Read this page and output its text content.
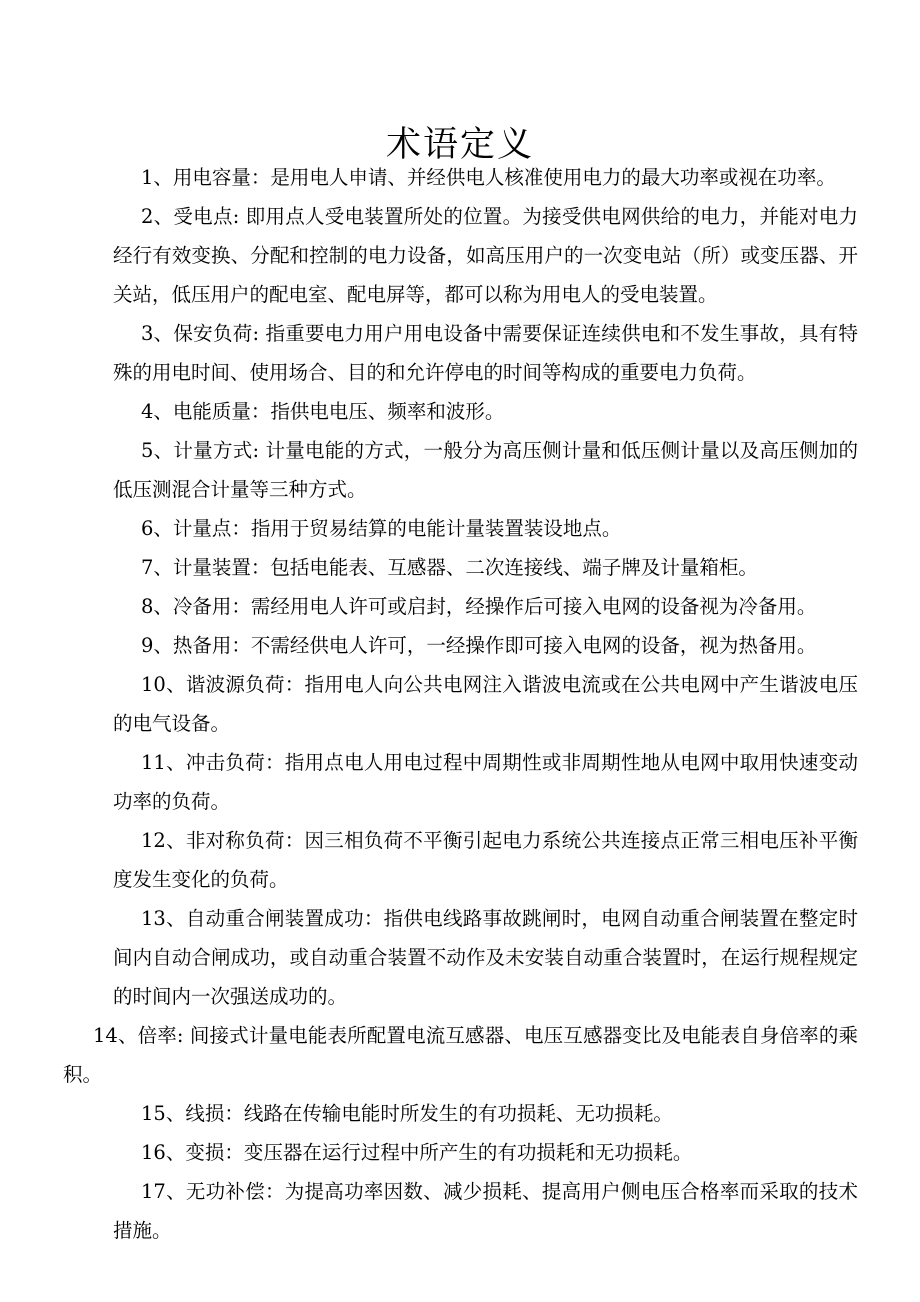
术语定义

1、用电容量：是用电人申请、并经供电人核准使用电力的最大功率或视在功率。

2、受电点: 即用点人受电装置所处的位置。为接受供电网供给的电力，并能对电力经行有效变换、分配和控制的电力设备，如高压用户的一次变电站（所）或变压器、开关站，低压用户的配电室、配电屏等，都可以称为用电人的受电装置。

3、保安负荷: 指重要电力用户用电设备中需要保证连续供电和不发生事故，具有特殊的用电时间、使用场合、目的和允许停电的时间等构成的重要电力负荷。

4、电能质量：指供电电压、频率和波形。

5、计量方式: 计量电能的方式，一般分为高压侧计量和低压侧计量以及高压侧加的低压测混合计量等三种方式。

6、计量点：指用于贸易结算的电能计量装置装设地点。

7、计量装置：包括电能表、互感器、二次连接线、端子牌及计量箱柜。

8、冷备用：需经用电人许可或启封，经操作后可接入电网的设备视为冷备用。

9、热备用：不需经供电人许可，一经操作即可接入电网的设备，视为热备用。

10、谐波源负荷：指用电人向公共电网注入谐波电流或在公共电网中产生谐波电压的电气设备。

11、冲击负荷：指用点电人用电过程中周期性或非周期性地从电网中取用快速变动功率的负荷。

12、非对称负荷：因三相负荷不平衡引起电力系统公共连接点正常三相电压补平衡度发生变化的负荷。

13、自动重合闸装置成功：指供电线路事故跳闸时，电网自动重合闸装置在整定时间内自动合闸成功，或自动重合装置不动作及未安装自动重合装置时，在运行规程规定的时间内一次强送成功的。

14、倍率: 间接式计量电能表所配置电流互感器、电压互感器变比及电能表自身倍率的乘积。

15、线损：线路在传输电能时所发生的有功损耗、无功损耗。

16、变损：变压器在运行过程中所产生的有功损耗和无功损耗。

17、无功补偿：为提高功率因数、减少损耗、提高用户侧电压合格率而采取的技术措施。
